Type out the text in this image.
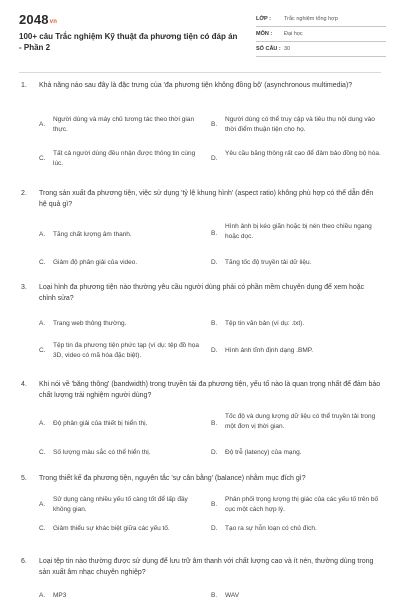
2048vn
100+ câu Trắc nghiệm Kỹ thuật đa phương tiện có đáp án - Phần 2
LỚP :	Trắc nghiệm tổng hợp
MÔN :	Đại học
SỐ CÂU : 30
1. Khả năng nào sau đây là đặc trưng của 'đa phương tiện không đồng bộ' (asynchronous multimedia)?
A.
Người dùng và máy chủ tương tác theo thời gian thực.
B.
Người dùng có thể truy cập và tiêu thụ nội dung vào thời điểm thuận tiện cho họ.
C.
Tất cả người dùng đều nhận được thông tin cùng lúc.
D.
Yêu cầu băng thông rất cao để đảm bảo đồng bộ hóa.
2. Trong sản xuất đa phương tiện, việc sử dụng 'tỷ lệ khung hình' (aspect ratio) không phù hợp có thể dẫn đến hệ quả gì?
A.	Tăng chất lượng âm thanh.	B.
Hình ảnh bị kéo giãn hoặc bị nén theo chiều ngang hoặc dọc.
C.	Giảm độ phân giải của video.	D.	Tăng tốc độ truyền tải dữ liệu.
3. Loại hình đa phương tiện nào thường yêu cầu người dùng phải có phần mềm chuyên dụng để xem hoặc chỉnh sửa?
A.	Trang web thông thường.	B.	Tệp tin văn bản (ví dụ: .txt).
C.
Tệp tin đa phương tiện phức tạp (ví dụ: tệp đồ họa 3D, video có mã hóa đặc biệt).
D.	Hình ảnh tĩnh định dạng .BMP.
4. Khi nói về 'băng thông' (bandwidth) trong truyền tải đa phương tiện, yếu tố nào là quan trọng nhất để đảm bảo chất lượng trải nghiệm người dùng?
A.	Độ phân giải của thiết bị hiển thị.	B.
Tốc độ và dung lượng dữ liệu có thể truyền tải trong một đơn vị thời gian.
C.	Số lượng màu sắc có thể hiển thị.	D.	Độ trễ (latency) của mạng.
5. Trong thiết kế đa phương tiện, nguyên tắc 'sự cân bằng' (balance) nhằm mục đích gì?
A.
Sử dụng càng nhiều yếu tố càng tốt để lấp đầy không gian.
B.
Phân phối trọng lượng thị giác của các yếu tố trên bố cục một cách hợp lý.
C.	Giảm thiểu sự khác biệt giữa các yếu tố.	D.	Tạo ra sự hỗn loạn có chủ đích.
6. Loại tệp tin nào thường được sử dụng để lưu trữ âm thanh với chất lượng cao và ít nén, thường dùng trong sản xuất âm nhạc chuyên nghiệp?
A.	MP3	B.	WAV
